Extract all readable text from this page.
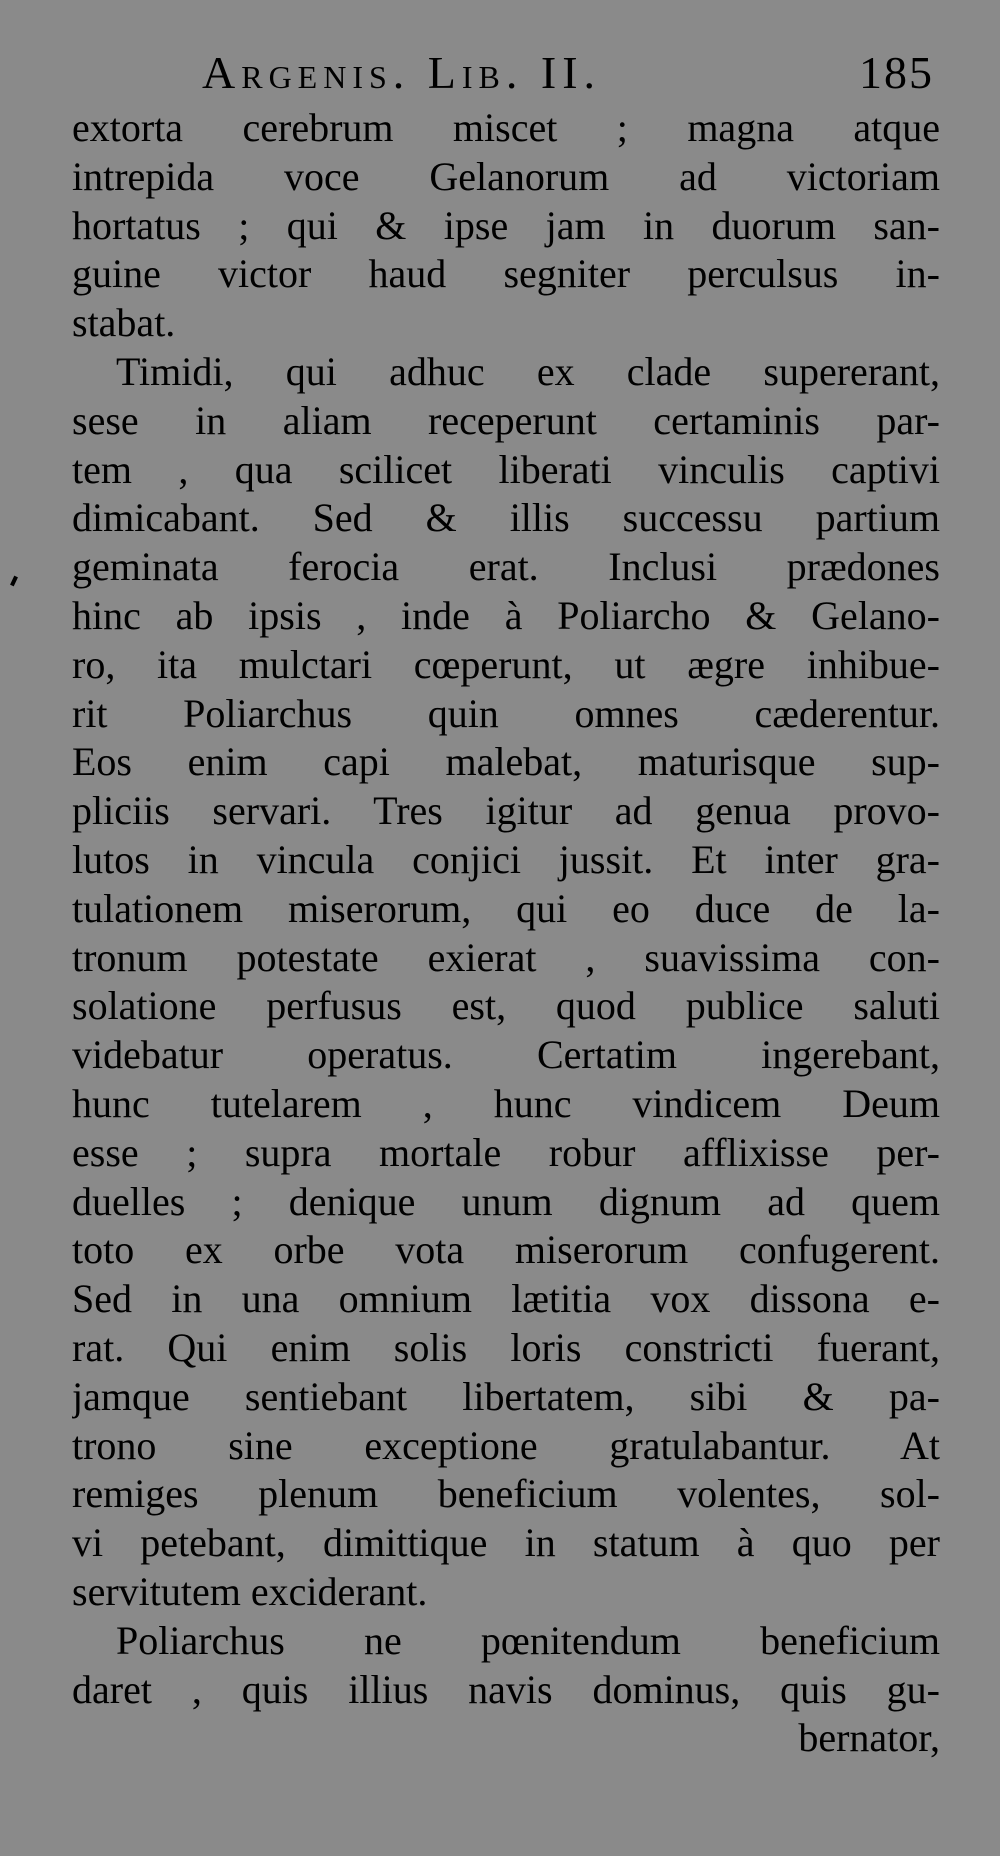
Argenis. Lib. II.	185
extorta cerebrum miscet ; magna atque
intrepida voce Gelanorum ad victoriam
hortatus ; qui & ipse jam in duorum san-
guine victor haud segniter perculsus in-
stabat.
Timidi, qui adhuc ex clade supererant,
sese in aliam receperunt certaminis par-
tem , qua scilicet liberati vinculis captivi
dimicabant. Sed & illis successu partium
geminata ferocia erat. Inclusi prædones
hinc ab ipsis , inde à Poliarcho & Gelano-
ro, ita mulctari cœperunt, ut ægre inhibue-
rit Poliarchus quin omnes cæderentur.
Eos enim capi malebat, maturisque sup-
pliciis servari. Tres igitur ad genua provo-
lutos in vincula conjici jussit. Et inter gra-
tulationem miserorum, qui eo duce de la-
tronum potestate exierat , suavissima con-
solatione perfusus est, quod publice saluti
videbatur operatus. Certatim ingerebant,
hunc tutelarem , hunc vindicem Deum
esse ; supra mortale robur afflixisse per-
duelles ; denique unum dignum ad quem
toto ex orbe vota miserorum confugerent.
Sed in una omnium lætitia vox dissona e-
rat. Qui enim solis loris constricti fuerant,
jamque sentiebant libertatem, sibi & pa-
trono sine exceptione gratulabantur. At
remiges plenum beneficium volentes, sol-
vi petebant, dimittique in statum à quo per
servitutem exciderant.
Poliarchus ne pœnitendum beneficium
daret , quis illius navis dominus, quis gu-
bernator,
